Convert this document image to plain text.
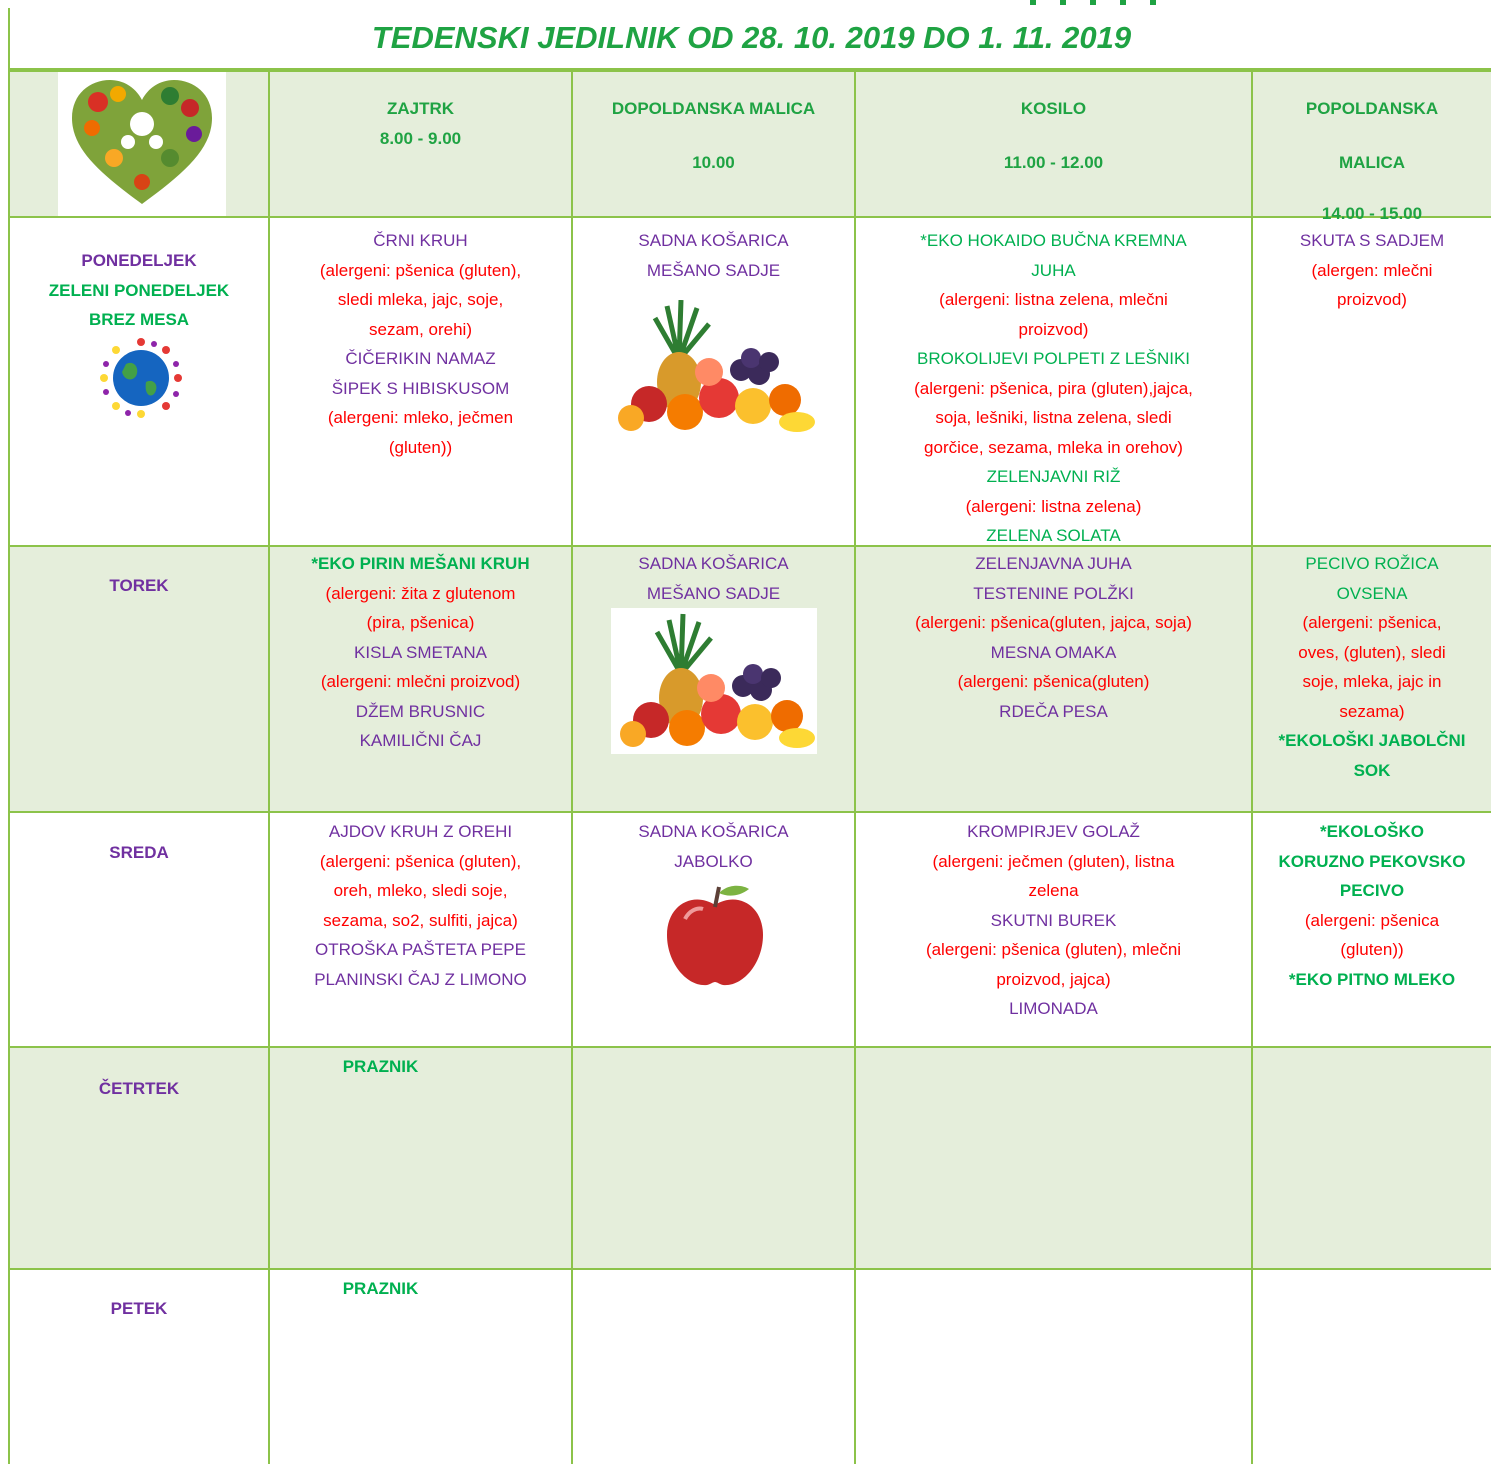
TEDENSKI JEDILNIK OD 28. 10. 2019 DO 1. 11. 2019
ZAJTRK
8.00 - 9.00
DOPOLDANSKA MALICA
10.00
KOSILO
11.00 - 12.00
POPOLDANSKA
MALICA
14.00 - 15.00
PONEDELJEK
ZELENI PONEDELJEK
BREZ MESA
ČRNI KRUH
(alergeni: pšenica (gluten),
sledi mleka, jajc, soje,
sezam, orehi)
ČIČERIKIN NAMAZ
ŠIPEK S HIBISKUSOM
(alergeni: mleko, ječmen
(gluten))
SADNA KOŠARICA
MEŠANO SADJE
*EKO HOKAIDO BUČNA KREMNA
JUHA
(alergeni: listna zelena, mlečni
proizvod)
BROKOLIJEVI POLPETI Z LEŠNIKI
(alergeni: pšenica, pira (gluten),jajca,
soja, lešniki, listna zelena, sledi
gorčice, sezama, mleka in orehov)
ZELENJAVNI RIŽ
(alergeni: listna zelena)
ZELENA SOLATA
SKUTA S SADJEM
(alergen: mlečni
proizvod)
TOREK
*EKO PIRIN MEŠANI KRUH
(alergeni: žita z glutenom
(pira, pšenica)
KISLA SMETANA
(alergeni: mlečni proizvod)
DŽEM BRUSNIC
KAMILIČNI ČAJ
SADNA KOŠARICA
MEŠANO SADJE
ZELENJAVNA JUHA
TESTENINE POLŽKI
(alergeni: pšenica(gluten, jajca, soja)
MESNA OMAKA
(alergeni: pšenica(gluten)
RDEČA PESA
PECIVO ROŽICA
OVSENA
(alergeni: pšenica,
oves, (gluten), sledi
soje, mleka, jajc in
sezama)
*EKOLOŠKI JABOLČNI
SOK
SREDA
AJDOV KRUH Z OREHI
(alergeni: pšenica (gluten),
oreh, mleko, sledi soje,
sezama, so2, sulfiti, jajca)
OTROŠKA PAŠTETA PEPE
PLANINSKI ČAJ Z LIMONO
SADNA KOŠARICA
JABOLKO
KROMPIRJEV GOLAŽ
(alergeni: ječmen (gluten), listna
zelena
SKUTNI BUREK
(alergeni: pšenica (gluten), mlečni
proizvod, jajca)
LIMONADA
*EKOLOŠKO
KORUZNO PEKOVSKO
PECIVO
(alergeni: pšenica
(gluten))
*EKO PITNO MLEKO
ČETRTEK
PRAZNIK
PETEK
PRAZNIK
